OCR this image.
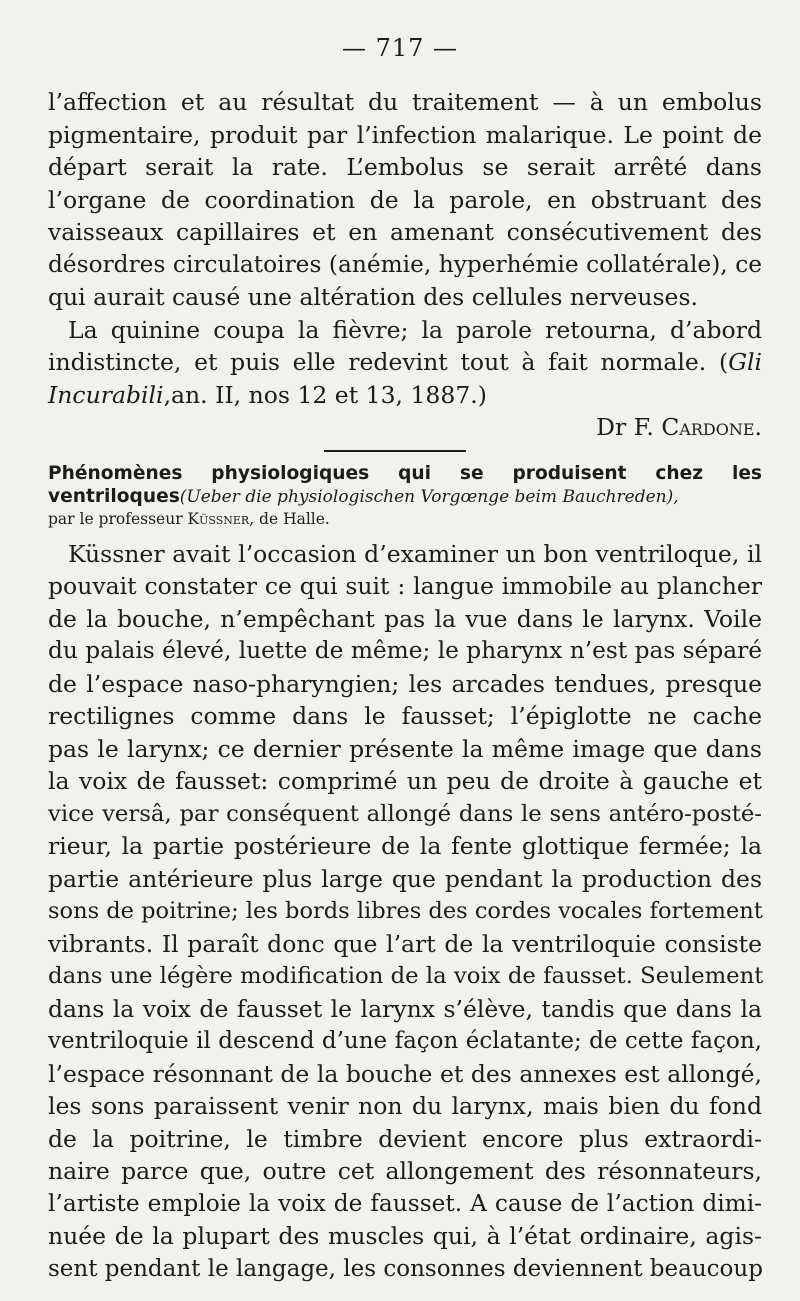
— 717 —
l’affection et au résultat du traitement — à un embolus
pigmentaire, produit par l’infection malarique. Le point de
départ serait la rate. L’embolus se serait arrêté dans
l’organe de coordination de la parole, en obstruant des
vaisseaux capillaires et en amenant consécutivement des
désordres circulatoires (anémie, hyperhémie collatérale), ce
qui aurait causé une altération des cellules nerveuses.
La quinine coupa la fièvre; la parole retourna, d’abord
indistincte, et puis elle redevint tout à fait normale. (Gli
Incurabili,an. II, nos 12 et 13, 1887.)
Dr F. Cardone.
Phénomènes physiologiques qui se produisent chez les
ventriloques(Ueber die physiologischen Vorgœnge beim Bauchreden),
par le professeur Küssner, de Halle.
Küssner avait l’occasion d’examiner un bon ventriloque, il
pouvait constater ce qui suit : langue immobile au plancher
de la bouche, n’empêchant pas la vue dans le larynx. Voile
du palais élevé, luette de même; le pharynx n’est pas séparé
de l’espace naso-pharyngien; les arcades tendues, presque
rectilignes comme dans le fausset; l’épiglotte ne cache
pas le larynx; ce dernier présente la même image que dans
la voix de fausset: comprimé un peu de droite à gauche et
vice versâ, par conséquent allongé dans le sens antéro-posté-
rieur, la partie postérieure de la fente glottique fermée; la
partie antérieure plus large que pendant la production des
sons de poitrine; les bords libres des cordes vocales fortement
vibrants. Il paraît donc que l’art de la ventriloquie consiste
dans une légère modification de la voix de fausset. Seulement
dans la voix de fausset le larynx s’élève, tandis que dans la
ventriloquie il descend d’une façon éclatante; de cette façon,
l’espace résonnant de la bouche et des annexes est allongé,
les sons paraissent venir non du larynx, mais bien du fond
de la poitrine, le timbre devient encore plus extraordi-
naire parce que, outre cet allongement des résonnateurs,
l’artiste emploie la voix de fausset. A cause de l’action dimi-
nuée de la plupart des muscles qui, à l’état ordinaire, agis-
sent pendant le langage, les consonnes deviennent beaucoup
